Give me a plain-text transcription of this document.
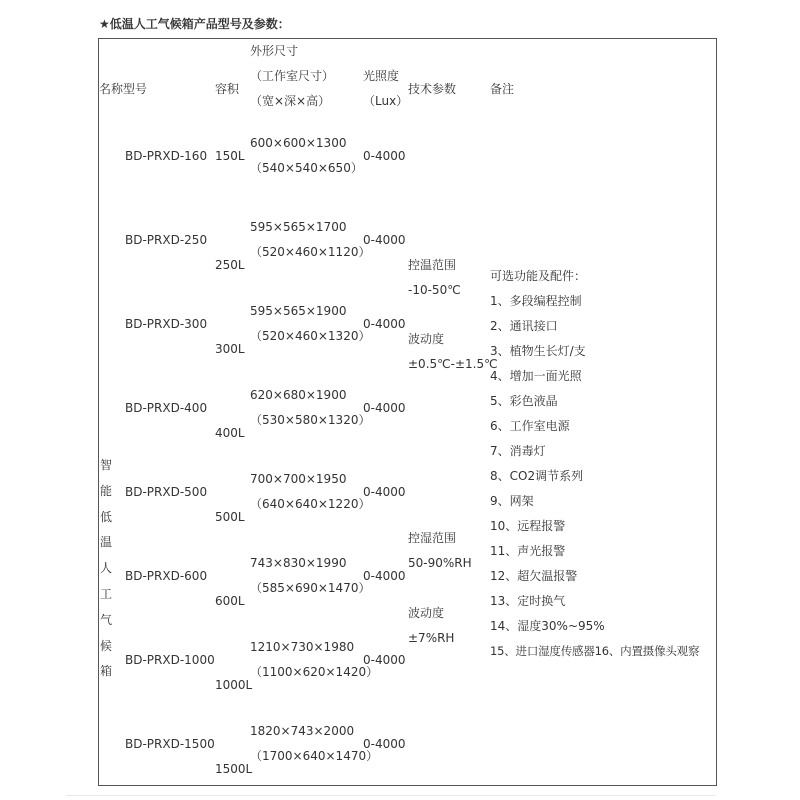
★低温人工气候箱产品型号及参数：
名称型号	容积
外形尺寸
（工作室尺寸）
（宽×深×高）
光照度
（Lux）
技术参数	备注
智
能
低
温
人
工
气
候
箱
BD-PRXD-160 150L
600×600×1300
（540×540×650）
0-4000
BD-PRXD-250
250L
595×565×1700
（520×460×1120）
0-4000
BD-PRXD-300
300L
595×565×1900
（520×460×1320）
0-4000
BD-PRXD-400
400L
620×680×1900
（530×580×1320）
0-4000
BD-PRXD-500
500L
700×700×1950
（640×640×1220）
0-4000
BD-PRXD-600
600L
743×830×1990
（585×690×1470）
0-4000
BD-PRXD-1000
1000L
1210×730×1980
（1100×620×1420）
0-4000
BD-PRXD-1500
1500L
1820×743×2000
（1700×640×1470）
0-4000
控温范围
-10-50℃
波动度
±0.5℃-±1.5℃
控湿范围
50-90%RH
波动度
±7%RH
可选功能及配件：
1、多段编程控制
2、通讯接口
3、植物生长灯/支
4、增加一面光照
5、彩色液晶
6、工作室电源
7、消毒灯
8、CO2调节系列
9、网架
10、远程报警
11、声光报警
12、超欠温报警
13、定时换气
14、湿度30%~95%
15、进口湿度传感器16、内置摄像头观察
